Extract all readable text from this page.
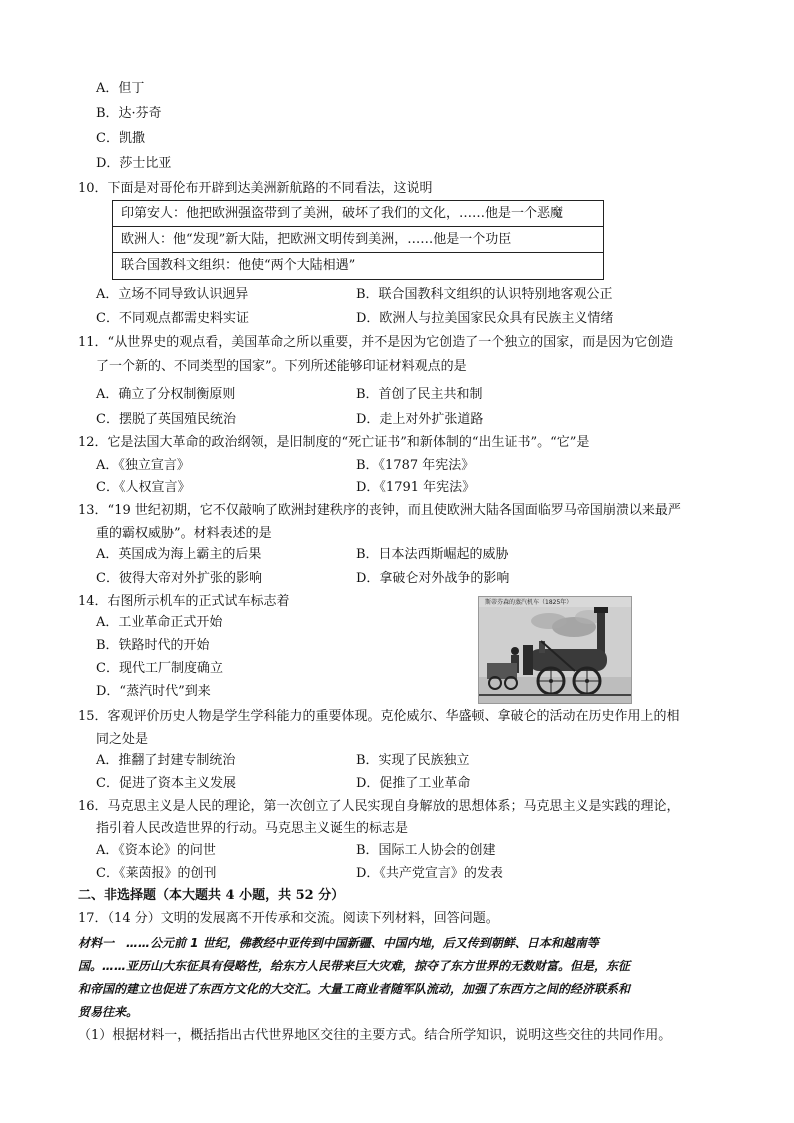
A．但丁
B．达·芬奇
C．凯撒
D．莎士比亚
10．下面是对哥伦布开辟到达美洲新航路的不同看法，这说明
印第安人：他把欧洲强盗带到了美洲，破坏了我们的文化，……他是一个恶魔
欧洲人：他“发现”新大陆，把欧洲文明传到美洲，……他是一个功臣
联合国教科文组织：他使“两个大陆相遇”
A．立场不同导致认识迥异	B．联合国教科文组织的认识特别地客观公正
C．不同观点都需史料实证	D．欧洲人与拉美国家民众具有民族主义情绪
11．“从世界史的观点看，美国革命之所以重要，并不是因为它创造了一个独立的国家，而是因为它创造
了一个新的、不同类型的国家”。下列所述能够印证材料观点的是
A．确立了分权制衡原则	B．首创了民主共和制
C．摆脱了英国殖民统治	D．走上对外扩张道路
12．它是法国大革命的政治纲领，是旧制度的“死亡证书”和新体制的“出生证书”。“它”是
A．《独立宣言》	B．《1787 年宪法》
C．《人权宣言》	D．《1791 年宪法》
13．“19 世纪初期，它不仅敲响了欧洲封建秩序的丧钟，而且使欧洲大陆各国面临罗马帝国崩溃以来最严
重的霸权威胁”。材料表述的是
A．英国成为海上霸主的后果	B．日本法西斯崛起的威胁
C．彼得大帝对外扩张的影响	D．拿破仑对外战争的影响
14．右图所示机车的正式试车标志着
A．工业革命正式开始
B．铁路时代的开始
C．现代工厂制度确立
D．“蒸汽时代”到来
斯蒂芬森的蒸汽机车（1825年）
15．客观评价历史人物是学生学科能力的重要体现。克伦威尔、华盛顿、拿破仑的活动在历史作用上的相
同之处是
A．推翻了封建专制统治	B．实现了民族独立
C．促进了资本主义发展	D．促推了工业革命
16．马克思主义是人民的理论，第一次创立了人民实现自身解放的思想体系；马克思主义是实践的理论，
指引着人民改造世界的行动。马克思主义诞生的标志是
A．《资本论》的问世	B．国际工人协会的创建
C．《莱茵报》的创刊	D．《共产党宣言》的发表
二、非选择题（本大题共 4 小题，共 52 分）
17．（14 分）文明的发展离不开传承和交流。阅读下列材料，回答问题。
材料一　……公元前 1 世纪，佛教经中亚传到中国新疆、中国内地，后又传到朝鲜、日本和越南等
国。……亚历山大东征具有侵略性，给东方人民带来巨大灾难，掠夺了东方世界的无数财富。但是，东征
和帝国的建立也促进了东西方文化的大交汇。大量工商业者随军队流动，加强了东西方之间的经济联系和
贸易往来。
（1）根据材料一，概括指出古代世界地区交往的主要方式。结合所学知识，说明这些交往的共同作用。
